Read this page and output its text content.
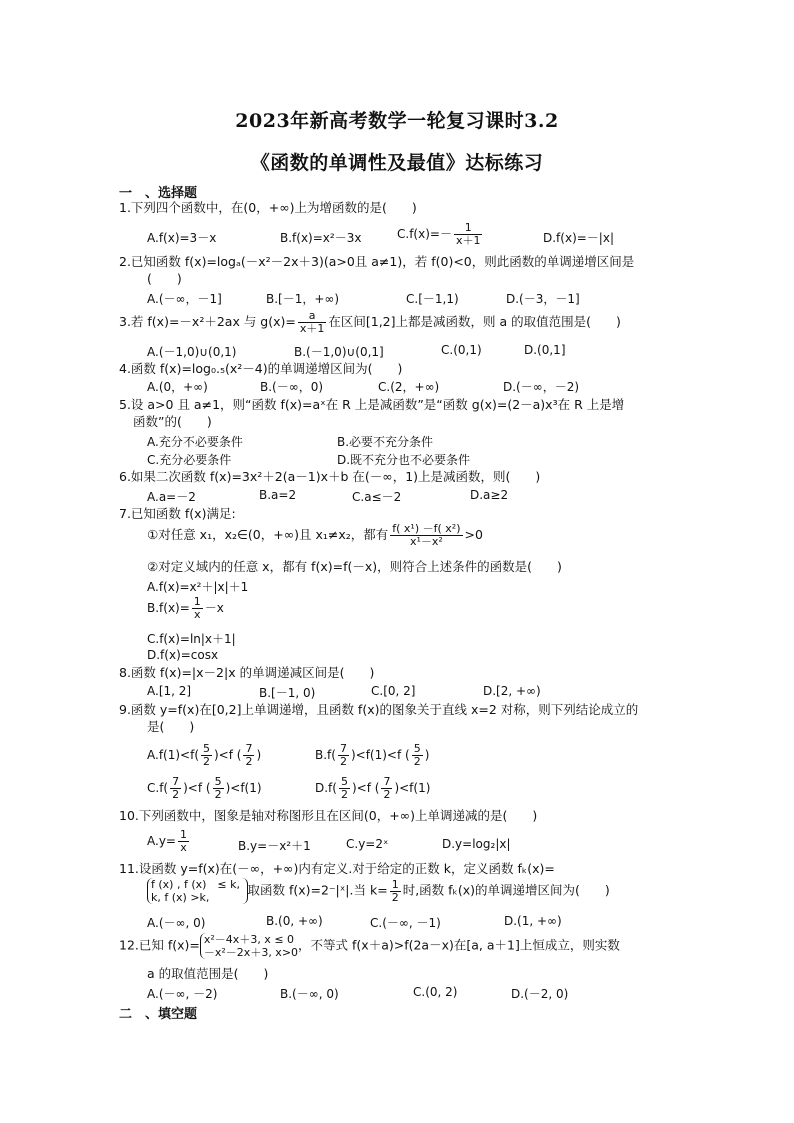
2023年新高考数学一轮复习课时3.2
《函数的单调性及最值》达标练习
一　、选择题
1.下列四个函数中，在(0，+∞)上为增函数的是(　　)
A.f(x)=3－x	B.f(x)=x²－3x	$C.f(x)=- \frac{1}{x+1}$	D.f(x)=－|x|
2.已知函数 f(x)=logₐ(－x²－2x＋3)(a>0且 a≠1)，若 f(0)<0，则此函数的单调递增区间是
(　　)
A.(－∞，－1]	B.[－1，+∞)	C.[－1,1)	D.(－3，－1]
3.若 f(x)=－x²＋2ax 与 $g(x)= \frac{a}{x+1}$ 在区间[1,2]上都是减函数，则 a 的取值范围是(　　)
A.(－1,0)∪(0,1)	B.(－1,0)∪(0,1]	C.(0,1)	D.(0,1]
4.函数 f(x)=log₀.₅(x²－4)的单调递增区间为(　　)
A.(0，+∞)	B.(－∞，0)	C.(2，+∞)	D.(－∞，－2)
5.设 a>0 且 a≠1，则“函数 f(x)=aˣ在 R 上是减函数”是“函数 g(x)=(2－a)x³在 R 上是增
函数”的(　　)
A.充分不必要条件	B.必要不充分条件
C.充分必要条件	D.既不充分也不必要条件
6.如果二次函数 f(x)=3x²＋2(a－1)x＋b 在(－∞，1)上是减函数，则(　　)
A.a=－2	B.a=2	C.a≤－2	D.a≥2
7.已知函数 f(x)满足:
①对任意 x₁，x₂∈(0，+∞)且 x₁≠x₂，都有 $\frac{\text{f( x¹) －f( x²)}}{\text{x¹－x²}} >0$
②对定义域内的任意 x，都有 f(x)=f(－x)，则符合上述条件的函数是(　　)
A.f(x)=x²＋|x|＋1
$B.f(x)= \frac{1}{x} -x$
C.f(x)=ln|x＋1|
D.f(x)=cosx
8.函数 f(x)=|x－2|x 的单调递减区间是(　　)
A.[1, 2]	B.[－1, 0)	C.[0, 2]	D.[2, +∞)
9.函数 y=f(x)在[0,2]上单调递增，且函数 f(x)的图象关于直线 x=2 对称，则下列结论成立的
是(　　)
$A.f(1)<f( \frac{5}{2} )<f$ ( $\frac{7}{2}$ )	$B.f( \frac{7}{2} )<f(1)<f$ ( $\frac{5}{2}$ )
$C.f( \frac{7}{2} )<f$ ( $\frac{5}{2} )<f(1)$	$D.f( \frac{5}{2} )<f$ ( $\frac{7}{2} )<f(1)$
10.下列函数中，图象是轴对称图形且在区间(0，+∞)上单调递减的是(　　)
$A.y= \frac{1}{x}$	B.y=－x²＋1	C.y=2ˣ	D.y=log₂|x|
11.设函数 y=f(x)在(－∞，+∞)内有定义.对于给定的正数 k，定义函数 fₖ(x)=
f (x) , f (x)　≤ k,
k, f (x) >k,
	取函数 f(x)=2⁻|ˣ|.当 $k= \frac{1}{2}$ 时,函数 fₖ(x)的单调递增区间为(　　)
A.(－∞, 0)	B.(0, +∞)	C.(－∞, －1)	D.(1, +∞)
12.已知 f(x)= x²－4x＋3, x ≤ 0
－x²－2x＋3, x>0 ，不等式 f(x＋a)>f(2a－x)在[a, a＋1]上恒成立，则实数
a 的取值范围是(　　)
A.(－∞, －2)	B.(－∞, 0)	C.(0, 2)	D.(－2, 0)
二　、填空题
